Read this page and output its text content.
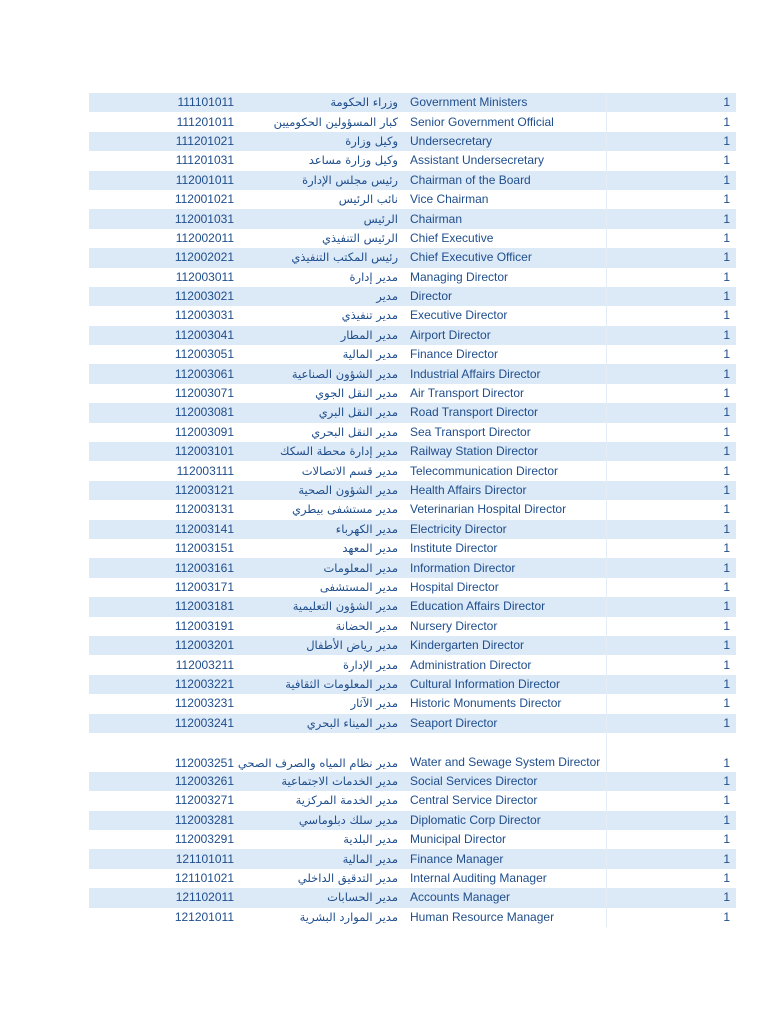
111101011	وزراء الحكومة	Government Ministers		1
111201011	كبار المسؤولين الحكوميين	Senior Government Official		1
111201021	وكيل وزارة	Undersecretary		1
111201031	وكيل وزارة مساعد	Assistant Undersecretary		1
112001011	رئيس مجلس الإدارة	Chairman of the Board		1
112001021	نائب الرئيس	Vice Chairman		1
112001031	الرئيس	Chairman		1
112002011	الرئيس التنفيذي	Chief Executive		1
112002021	رئيس المكتب التنفيذي	Chief Executive Officer		1
112003011	مدير إدارة	Managing Director		1
112003021	مدير	Director		1
112003031	مدير تنفيذي	Executive Director		1
112003041	مدير المطار	Airport Director		1
112003051	مدير المالية	Finance Director		1
112003061	مدير الشؤون الصناعية	Industrial Affairs Director		1
112003071	مدير النقل الجوي	Air Transport Director		1
112003081	مدير النقل البري	Road Transport Director		1
112003091	مدير النقل البحري	Sea Transport Director		1
112003101	مدير إدارة محطة السكك	Railway Station Director		1
112003111	مدير قسم الاتصالات	Telecommunication Director		1
112003121	مدير الشؤون الصحية	Health Affairs Director		1
112003131	مدير مستشفى بيطري	Veterinarian Hospital Director		1
112003141	مدير الكهرباء	Electricity Director		1
112003151	مدير المعهد	Institute Director		1
112003161	مدير المعلومات	Information Director		1
112003171	مدير المستشفى	Hospital Director		1
112003181	مدير الشؤون التعليمية	Education Affairs Director		1
112003191	مدير الحضانة	Nursery Director		1
112003201	مدير رياض الأطفال	Kindergarten Director		1
112003211	مدير الإدارة	Administration Director		1
112003221	مدير المعلومات الثقافية	Cultural Information Director		1
112003231	مدير الآثار	Historic Monuments Director		1
112003241	مدير الميناء البحري	Seaport Director		1
112003251	مدير نظام المياه والصرف الصحي	Water and Sewage System Director		1
112003261	مدير الخدمات الاجتماعية	Social Services Director		1
112003271	مدير الخدمة المركزية	Central Service Director		1
112003281	مدير سلك دبلوماسي	Diplomatic Corp Director		1
112003291	مدير البلدية	Municipal Director		1
121101011	مدير المالية	Finance Manager		1
121101021	مدير التدقيق الداخلي	Internal Auditing Manager		1
121102011	مدير الحسابات	Accounts Manager		1
121201011	مدير الموارد البشرية	Human Resource Manager		1
